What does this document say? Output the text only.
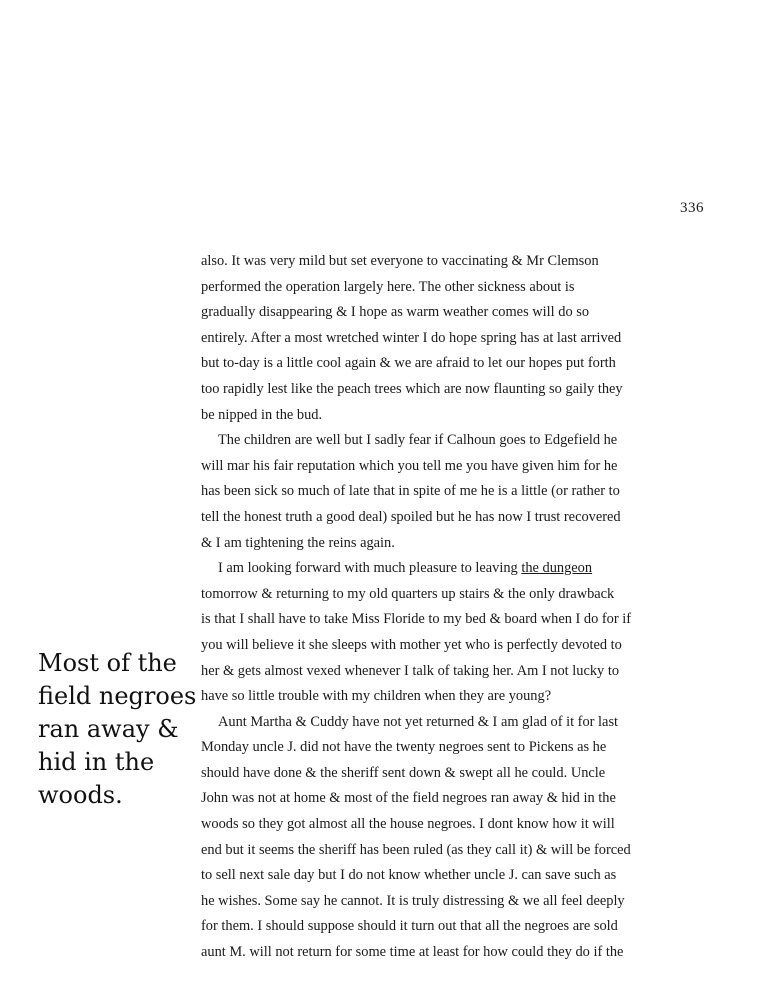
336
Most of the
field negroes
ran away &
hid in the
woods.
also. It was very mild but set everyone to vaccinating & Mr Clemson
performed the operation largely here. The other sickness about is
gradually disappearing & I hope as warm weather comes will do so
entirely. After a most wretched winter I do hope spring has at last arrived
but to-day is a little cool again & we are afraid to let our hopes put forth
too rapidly lest like the peach trees which are now flaunting so gaily they
be nipped in the bud.
The children are well but I sadly fear if Calhoun goes to Edgefield he
will mar his fair reputation which you tell me you have given him for he
has been sick so much of late that in spite of me he is a little (or rather to
tell the honest truth a good deal) spoiled but he has now I trust recovered
& I am tightening the reins again.
I am looking forward with much pleasure to leaving the dungeon
tomorrow & returning to my old quarters up stairs & the only drawback
is that I shall have to take Miss Floride to my bed & board when I do for if
you will believe it she sleeps with mother yet who is perfectly devoted to
her & gets almost vexed whenever I talk of taking her. Am I not lucky to
have so little trouble with my children when they are young?
Aunt Martha & Cuddy have not yet returned & I am glad of it for last
Monday uncle J. did not have the twenty negroes sent to Pickens as he
should have done & the sheriff sent down & swept all he could. Uncle
John was not at home & most of the field negroes ran away & hid in the
woods so they got almost all the house negroes. I dont know how it will
end but it seems the sheriff has been ruled (as they call it) & will be forced
to sell next sale day but I do not know whether uncle J. can save such as
he wishes. Some say he cannot. It is truly distressing & we all feel deeply
for them. I should suppose should it turn out that all the negroes are sold
aunt M. will not return for some time at least for how could they do if the
